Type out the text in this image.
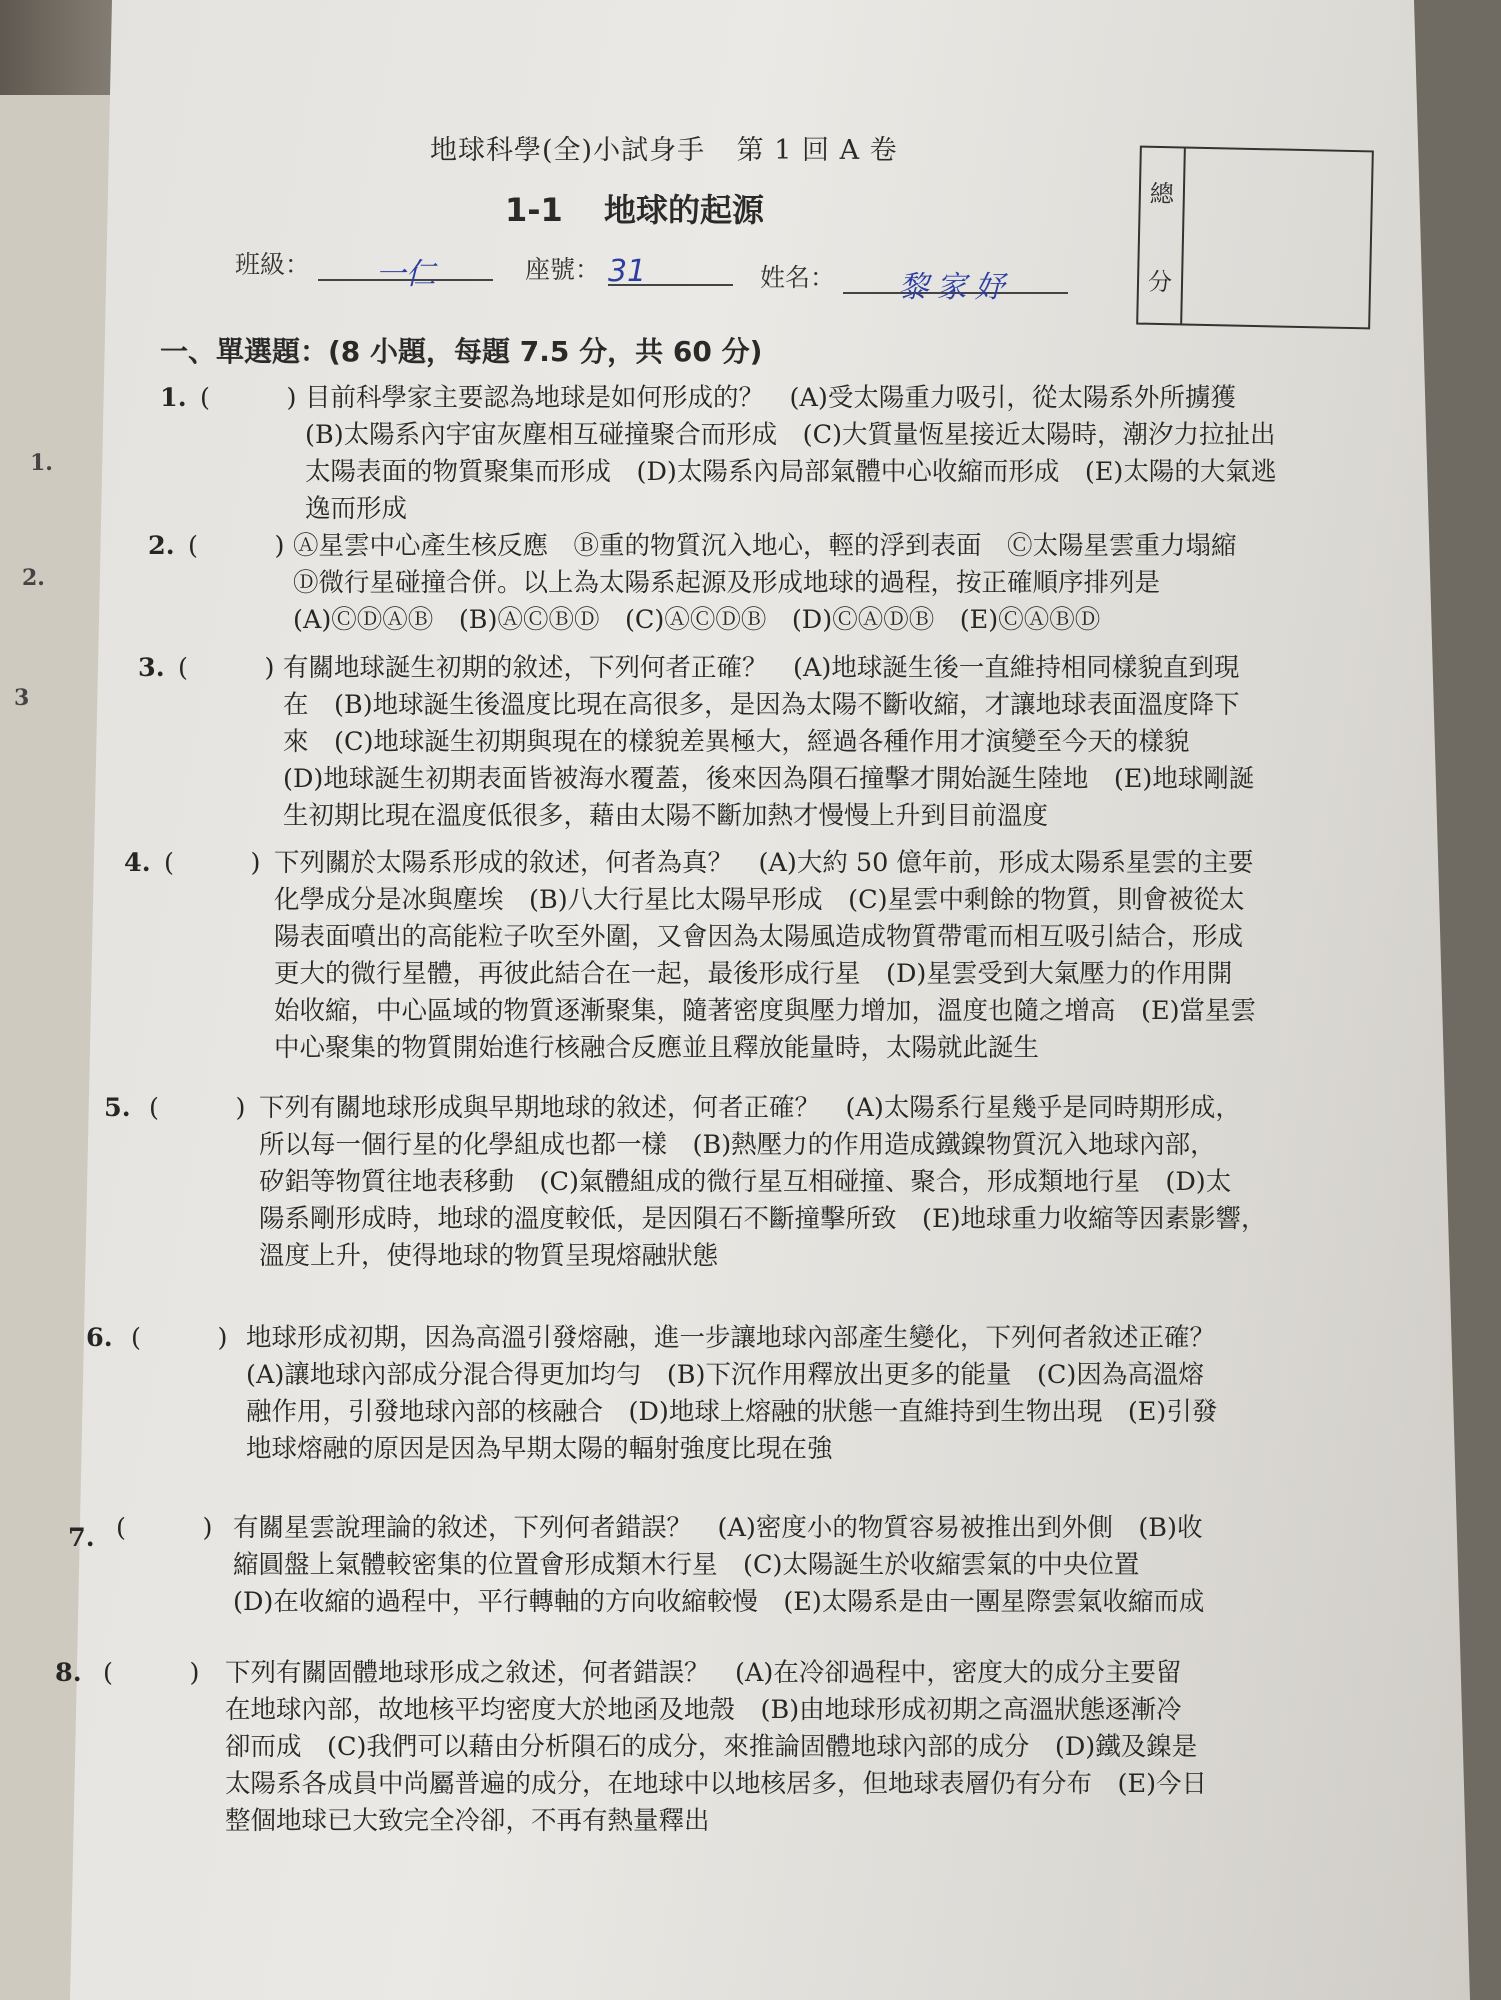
1.
2.
3
地球科學(全)小試身手 第 1 回 A 卷
1-1 地球的起源
班級： 一仁	座號： 31	姓名： 黎家妤
總
分
一、單選題：(8 小題，每題 7.5 分，共 60 分)
1. (　　　) 目前科學家主要認為地球是如何形成的？　(A)受太陽重力吸引，從太陽系外所擄獲
(B)太陽系內宇宙灰塵相互碰撞聚合而形成　(C)大質量恆星接近太陽時，潮汐力拉扯出
太陽表面的物質聚集而形成　(D)太陽系內局部氣體中心收縮而形成　(E)太陽的大氣逃
逸而形成
2. (　　　) Ⓐ星雲中心產生核反應　Ⓑ重的物質沉入地心，輕的浮到表面　Ⓒ太陽星雲重力塌縮
Ⓓ微行星碰撞合併。以上為太陽系起源及形成地球的過程，按正確順序排列是
(A)ⒸⒹⒶⒷ　(B)ⒶⒸⒷⒹ　(C)ⒶⒸⒹⒷ　(D)ⒸⒶⒹⒷ　(E)ⒸⒶⒷⒹ
3. (　　　) 有關地球誕生初期的敘述，下列何者正確？　(A)地球誕生後一直維持相同樣貌直到現
在　(B)地球誕生後溫度比現在高很多，是因為太陽不斷收縮，才讓地球表面溫度降下
來　(C)地球誕生初期與現在的樣貌差異極大，經過各種作用才演變至今天的樣貌
(D)地球誕生初期表面皆被海水覆蓋，後來因為隕石撞擊才開始誕生陸地　(E)地球剛誕
生初期比現在溫度低很多，藉由太陽不斷加熱才慢慢上升到目前溫度
4. (　　　) 下列關於太陽系形成的敘述，何者為真？　(A)大約 50 億年前，形成太陽系星雲的主要
化學成分是冰與塵埃　(B)八大行星比太陽早形成　(C)星雲中剩餘的物質，則會被從太
陽表面噴出的高能粒子吹至外圍，又會因為太陽風造成物質帶電而相互吸引結合，形成
更大的微行星體，再彼此結合在一起，最後形成行星　(D)星雲受到大氣壓力的作用開
始收縮，中心區域的物質逐漸聚集，隨著密度與壓力增加，溫度也隨之增高　(E)當星雲
中心聚集的物質開始進行核融合反應並且釋放能量時，太陽就此誕生
5. (　　　) 下列有關地球形成與早期地球的敘述，何者正確？　(A)太陽系行星幾乎是同時期形成，
所以每一個行星的化學組成也都一樣　(B)熱壓力的作用造成鐵鎳物質沉入地球內部，
矽鋁等物質往地表移動　(C)氣體組成的微行星互相碰撞、聚合，形成類地行星　(D)太
陽系剛形成時，地球的溫度較低，是因隕石不斷撞擊所致　(E)地球重力收縮等因素影響，
溫度上升，使得地球的物質呈現熔融狀態
6. (　　　) 地球形成初期，因為高溫引發熔融，進一步讓地球內部產生變化，下列何者敘述正確？
(A)讓地球內部成分混合得更加均勻　(B)下沉作用釋放出更多的能量　(C)因為高溫熔
融作用，引發地球內部的核融合　(D)地球上熔融的狀態一直維持到生物出現　(E)引發
地球熔融的原因是因為早期太陽的輻射強度比現在強
7. (　　　) 有關星雲說理論的敘述，下列何者錯誤？　(A)密度小的物質容易被推出到外側　(B)收
縮圓盤上氣體較密集的位置會形成類木行星　(C)太陽誕生於收縮雲氣的中央位置
(D)在收縮的過程中，平行轉軸的方向收縮較慢　(E)太陽系是由一團星際雲氣收縮而成
8. (　　　) 下列有關固體地球形成之敘述，何者錯誤？　(A)在冷卻過程中，密度大的成分主要留
在地球內部，故地核平均密度大於地函及地殼　(B)由地球形成初期之高溫狀態逐漸冷
卻而成　(C)我們可以藉由分析隕石的成分，來推論固體地球內部的成分　(D)鐵及鎳是
太陽系各成員中尚屬普遍的成分，在地球中以地核居多，但地球表層仍有分布　(E)今日
整個地球已大致完全冷卻，不再有熱量釋出
